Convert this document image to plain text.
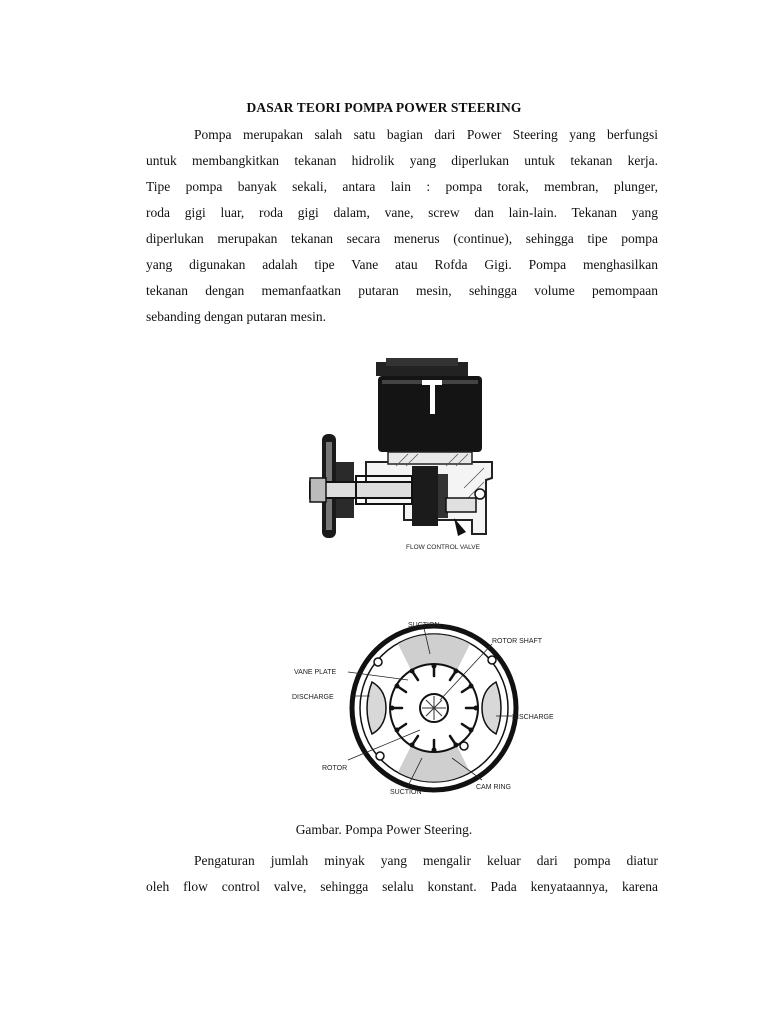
DASAR TEORI POMPA POWER STEERING
Pompa merupakan salah satu bagian dari Power Steering yang berfungsi
untuk membangkitkan tekanan hidrolik yang diperlukan untuk tekanan kerja.
Tipe pompa banyak sekali, antara lain : pompa torak, membran, plunger,
roda gigi luar, roda gigi dalam, vane, screw dan lain-lain. Tekanan yang
diperlukan merupakan tekanan secara menerus (continue), sehingga tipe pompa
yang digunakan adalah tipe Vane atau Rofda Gigi. Pompa menghasilkan
tekanan dengan memanfaatkan putaran mesin, sehingga volume pemompaan
sebanding dengan putaran mesin.
FLOW CONTROL VALVE
SUCTION
ROTOR SHAFT
VANE PLATE
DISCHARGE
DISCHARGE
ROTOR
SUCTION
CAM RING
Gambar. Pompa Power Steering.
Pengaturan jumlah minyak yang mengalir keluar dari pompa diatur
oleh flow control valve, sehingga selalu konstant. Pada kenyataannya, karena
